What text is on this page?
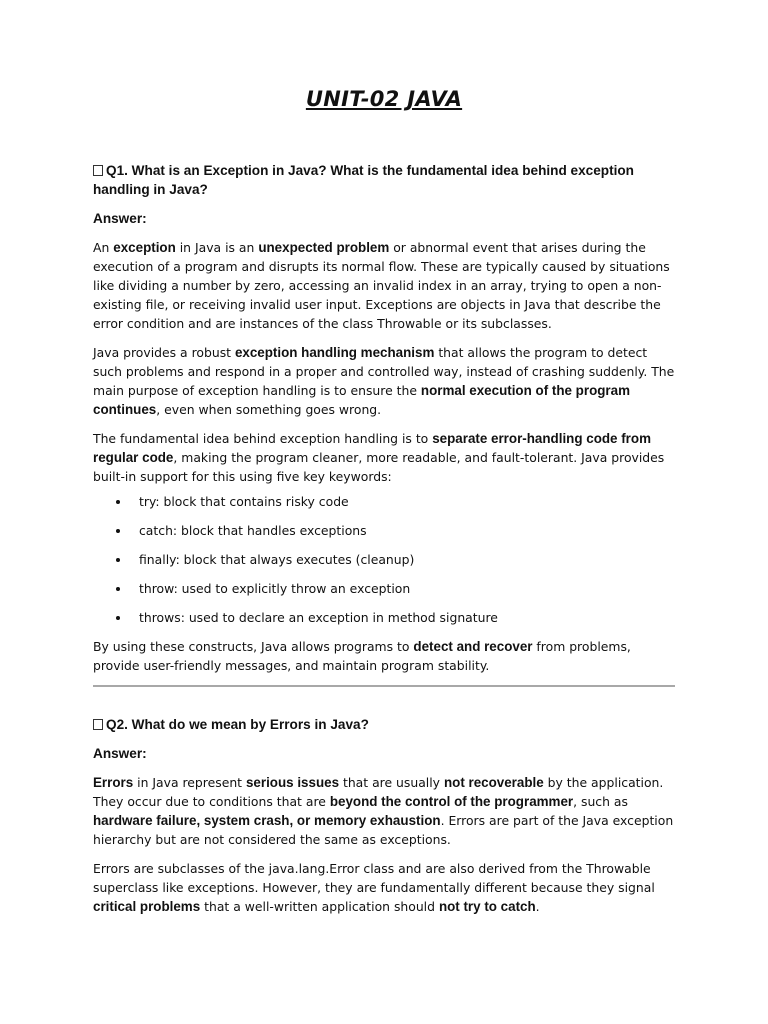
UNIT-02 JAVA
Q1. What is an Exception in Java? What is the fundamental idea behind exception handling in Java?
Answer:

An exception in Java is an unexpected problem or abnormal event that arises during the execution of a program and disrupts its normal flow. These are typically caused by situations like dividing a number by zero, accessing an invalid index in an array, trying to open a non-existing file, or receiving invalid user input. Exceptions are objects in Java that describe the error condition and are instances of the class Throwable or its subclasses.

Java provides a robust exception handling mechanism that allows the program to detect such problems and respond in a proper and controlled way, instead of crashing suddenly. The main purpose of exception handling is to ensure the normal execution of the program continues, even when something goes wrong.

The fundamental idea behind exception handling is to separate error-handling code from regular code, making the program cleaner, more readable, and fault-tolerant. Java provides built-in support for this using five key keywords:

try: block that contains risky code
catch: block that handles exceptions
finally: block that always executes (cleanup)
throw: used to explicitly throw an exception
throws: used to declare an exception in method signature

By using these constructs, Java allows programs to detect and recover from problems, provide user-friendly messages, and maintain program stability.

Q2. What do we mean by Errors in Java?
Answer:

Errors in Java represent serious issues that are usually not recoverable by the application. They occur due to conditions that are beyond the control of the programmer, such as hardware failure, system crash, or memory exhaustion. Errors are part of the Java exception hierarchy but are not considered the same as exceptions.

Errors are subclasses of the java.lang.Error class and are also derived from the Throwable superclass like exceptions. However, they are fundamentally different because they signal critical problems that a well-written application should not try to catch.
